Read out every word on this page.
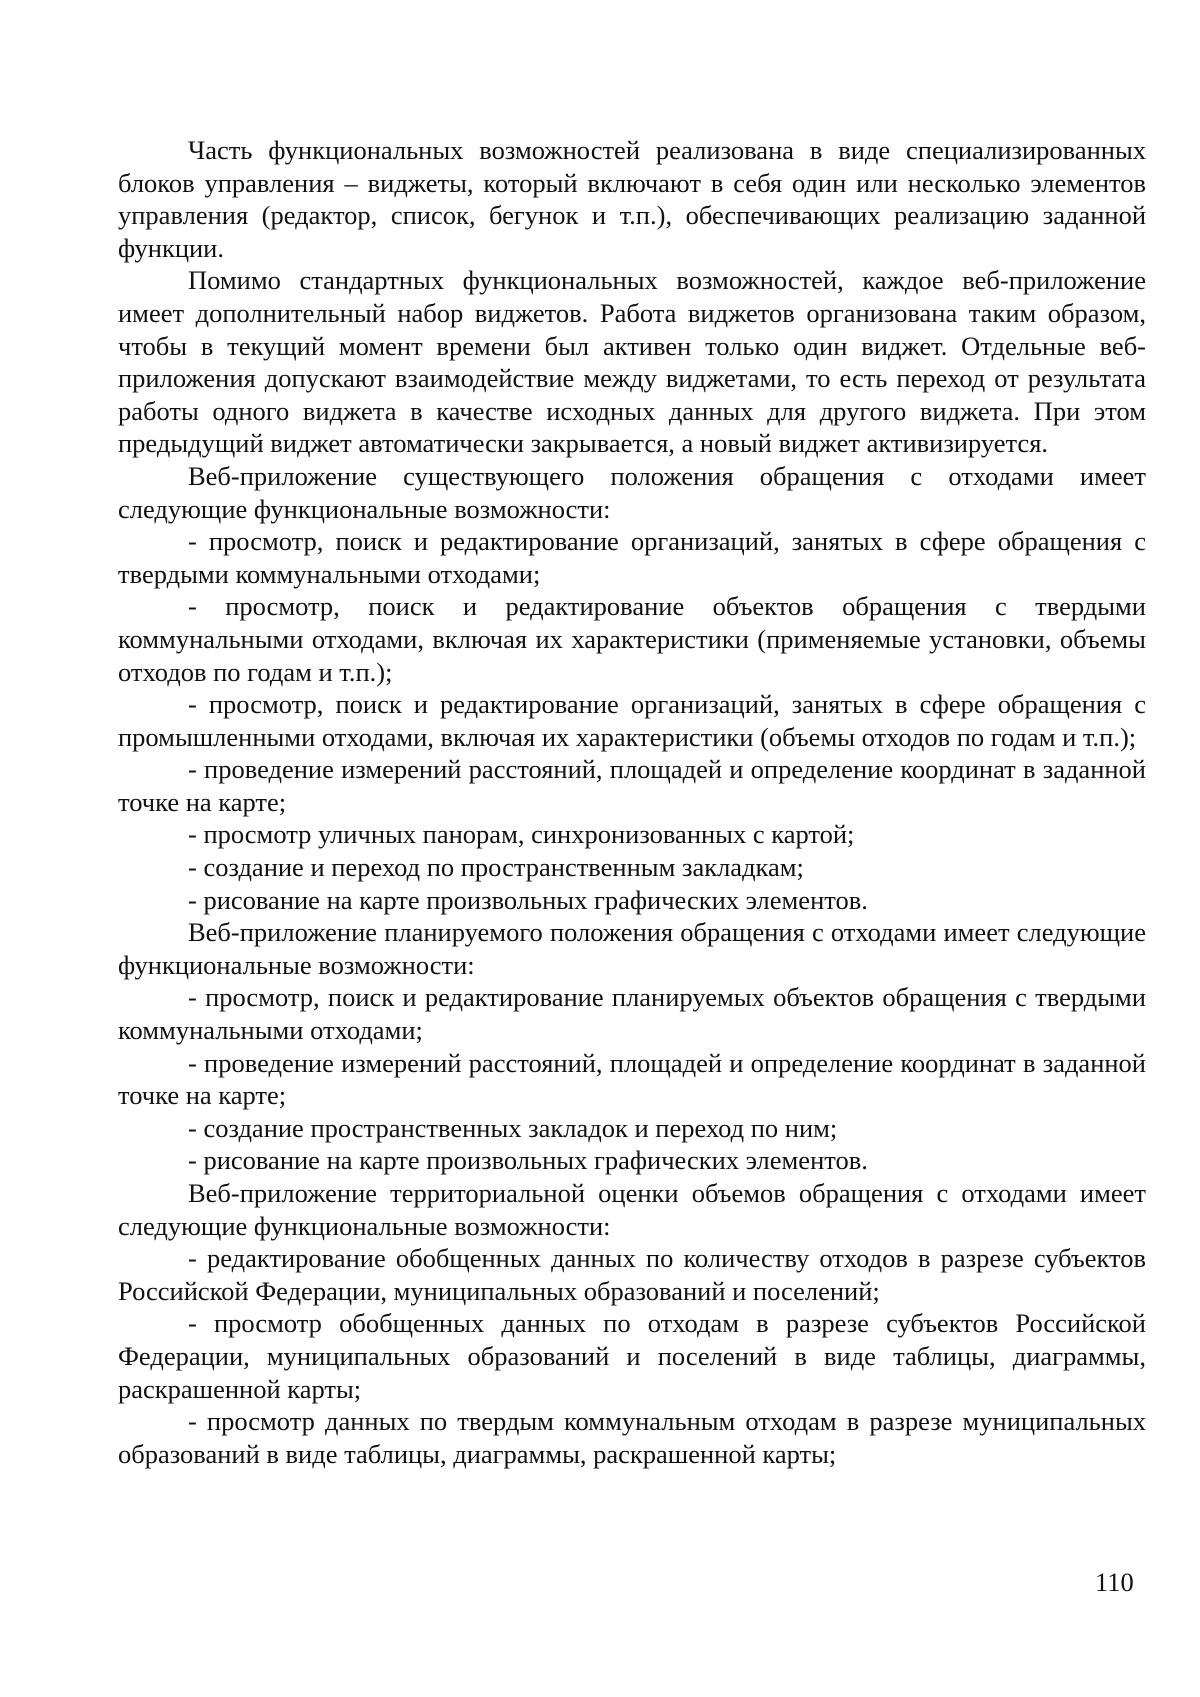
Часть функциональных возможностей реализована в виде специализированных блоков управления – виджеты, который включают в себя один или несколько элементов управления (редактор, список, бегунок и т.п.), обеспечивающих реализацию заданной функции.

Помимо стандартных функциональных возможностей, каждое веб-приложение имеет дополнительный набор виджетов. Работа виджетов организована таким образом, чтобы в текущий момент времени был активен только один виджет. Отдельные веб-приложения допускают взаимодействие между виджетами, то есть переход от результата работы одного виджета в качестве исходных данных для другого виджета. При этом предыдущий виджет автоматически закрывается, а новый виджет активизируется.

Веб-приложение существующего положения обращения с отходами имеет следующие функциональные возможности:

- просмотр, поиск и редактирование организаций, занятых в сфере обращения с твердыми коммунальными отходами;

- просмотр, поиск и редактирование объектов обращения с твердыми коммунальными отходами, включая их характеристики (применяемые установки, объемы отходов по годам и т.п.);

- просмотр, поиск и редактирование организаций, занятых в сфере обращения с промышленными отходами, включая их характеристики (объемы отходов по годам и т.п.);

- проведение измерений расстояний, площадей и определение координат в заданной точке на карте;

- просмотр уличных панорам, синхронизованных с картой;

- создание и переход по пространственным закладкам;

- рисование на карте произвольных графических элементов.

Веб-приложение планируемого положения обращения с отходами имеет следующие функциональные возможности:

- просмотр, поиск и редактирование планируемых объектов обращения с твердыми коммунальными отходами;

- проведение измерений расстояний, площадей и определение координат в заданной точке на карте;

- создание пространственных закладок и переход по ним;

- рисование на карте произвольных графических элементов.

Веб-приложение территориальной оценки объемов обращения с отходами имеет следующие функциональные возможности:

- редактирование обобщенных данных по количеству отходов в разрезе субъектов Российской Федерации, муниципальных образований и поселений;

- просмотр обобщенных данных по отходам в разрезе субъектов Российской Федерации, муниципальных образований и поселений в виде таблицы, диаграммы, раскрашенной карты;

- просмотр данных по твердым коммунальным отходам в разрезе муниципальных образований в виде таблицы, диаграммы, раскрашенной карты;

110
